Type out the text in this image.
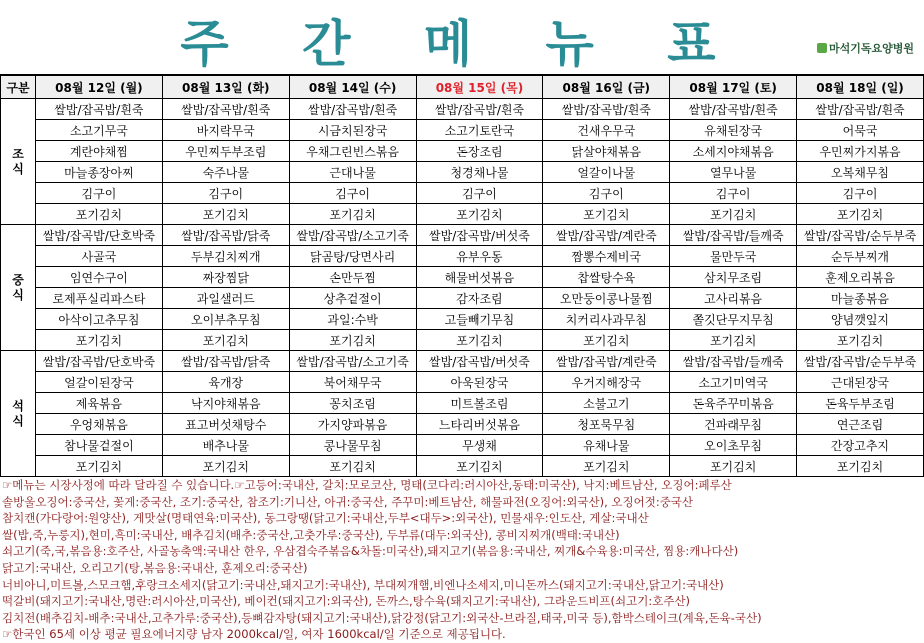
주 간 메 뉴 표	마석기독요양병원
구분	08월 12일 (월)	08월 13일 (화)	08월 14일 (수)	08월 15일 (목)	08월 16일 (금)	08월 17일 (토)	08월 18일 (일)

조
식	쌀밥/잡곡밥/흰죽	쌀밥/잡곡밥/흰죽	쌀밥/잡곡밥/흰죽	쌀밥/잡곡밥/흰죽	쌀밥/잡곡밥/흰죽	쌀밥/잡곡밥/흰죽	쌀밥/잡곡밥/흰죽
	소고기무국	바지락무국	시금치된장국	소고기토란국	건새우무국	유채된장국	어묵국
	계란야채찜	우민찌두부조림	우채그린빈스볶음	돈장조림	닭살야채볶음	소세지야채볶음	우민찌가지볶음
	마늘종장아찌	숙주나물	근대나물	청경채나물	얼갈이나물	열무나물	오복채무침
	김구이	김구이	김구이	김구이	김구이	김구이	김구이
	포기김치	포기김치	포기김치	포기김치	포기김치	포기김치	포기김치

중
식	쌀밥/잡곡밥/단호박죽	쌀밥/잡곡밥/닭죽	쌀밥/잡곡밥/소고기죽	쌀밥/잡곡밥/버섯죽	쌀밥/잡곡밥/계란죽	쌀밥/잡곡밥/들깨죽	쌀밥/잡곡밥/순두부죽
	사골국	두부김치찌개	닭곰탕/당면사리	유부우동	짬뽕수제비국	물만두국	순두부찌개
	임연수구이	짜장찜닭	손만두찜	해물버섯볶음	찹쌀탕수육	삼치무조림	훈제오리볶음
	로제푸실리파스타	과일샐러드	상추겉절이	감자조림	오만둥이콩나물찜	고사리볶음	마늘종볶음
	아삭이고추무침	오이부추무침	과일:수박	고들빼기무침	치커리사과무침	쫄깃단무지무침	양념깻잎지
	포기김치	포기김치	포기김치	포기김치	포기김치	포기김치	포기김치

석
식	쌀밥/잡곡밥/단호박죽	쌀밥/잡곡밥/닭죽	쌀밥/잡곡밥/소고기죽	쌀밥/잡곡밥/버섯죽	쌀밥/잡곡밥/계란죽	쌀밥/잡곡밥/들깨죽	쌀밥/잡곡밥/순두부죽
	얼갈이된장국	육개장	북어채무국	아욱된장국	우거지해장국	소고기미역국	근대된장국
	제육볶음	낙지야채볶음	꽁치조림	미트볼조림	소불고기	돈육주꾸미볶음	돈육두부조림
	우엉채볶음	표고버섯채탕수	가지양파볶음	느타리버섯볶음	청포묵무침	건파래무침	연근조림
	참나물겉절이	배추나물	콩나물무침	무생채	유채나물	오이초무침	간장고추지
	포기김치	포기김치	포기김치	포기김치	포기김치	포기김치	포기김치
☞메뉴는 시장사정에 따라 달라질 수 있습니다.☞고등어:국내산, 갈치:모로코산, 명태(코다리:러시아산,동태:미국산), 낙지:베트남산, 오징어:페루산
솔방울오징어:중국산, 꽃게:중국산, 조기:중국산, 참조기:기니산, 아귀:중국산, 주꾸미:베트남산, 해물파전(오징어:외국산), 오징어젓:중국산
참치캔(가다랑어:원양산), 게맛살(명태연육:미국산), 동그랑땡(닭고기:국내산,두부<대두>:외국산), 민물새우:인도산, 게살:국내산
쌀(밥,죽,누룽지),현미,흑미:국내산, 배추김치(배추:중국산,고춧가루:중국산), 두부류(대두:외국산), 콩비지찌개(백태:국내산)
쇠고기(죽,국,볶음용:호주산, 사골농축액:국내산 한우, 우삼겹숙주볶음&차돌:미국산),돼지고기(볶음용:국내산, 찌개&수육용:미국산, 찜용:캐나다산)
닭고기:국내산, 오리고기(탕,볶음용:국내산, 훈제오리:중국산)
너비아니,미트볼,스모크햄,후랑크소세지(닭고기:국내산,돼지고기:국내산), 부대찌개햄,비엔나소세지,미니돈까스(돼지고기:국내산,닭고기:국내산)
떡갈비(돼지고기:국내산,명란:러시아산,미국산), 베이컨(돼지고기:외국산), 돈까스,탕수육(돼지고기:국내산), 그라운드비프(쇠고기:호주산)
김치전(배추김치-배추:국내산,고추가루:중국산),등뼈감자탕(돼지고기:국내산),닭강정(닭고기:외국산-브라질,태국,미국 등),함박스테이크(계육,돈육-국산)
☞한국인 65세 이상 평균 필요에너지량 남자 2000kcal/일, 여자 1600kcal/일 기준으로 제공됩니다.
